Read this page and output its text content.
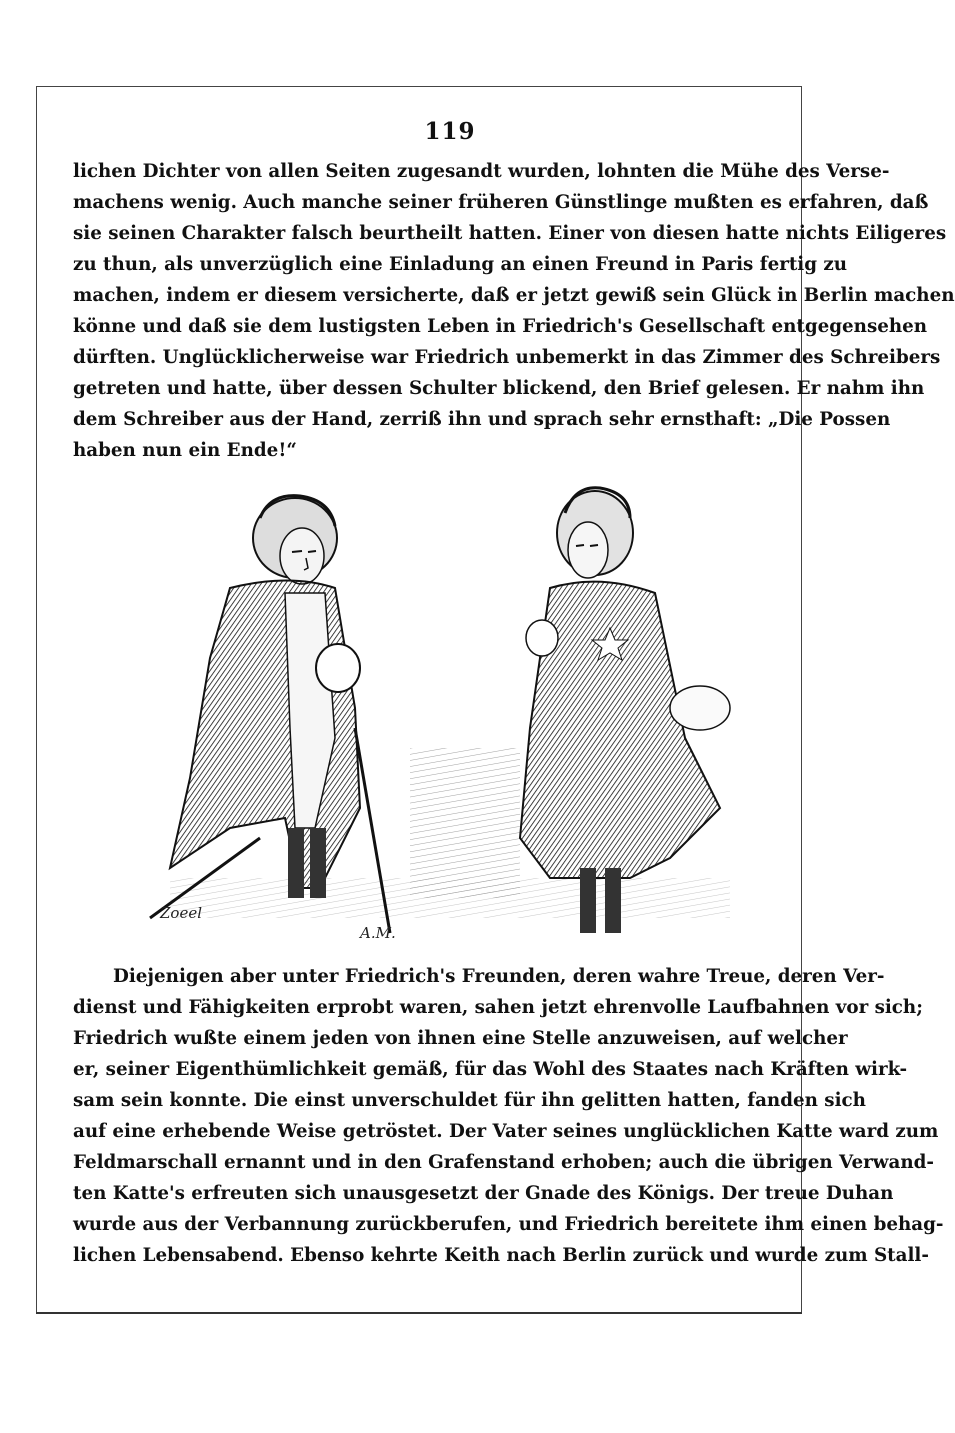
119
lichen Dichter von allen Seiten zugesandt wurden, lohnten die Mühe des Verse-
machens wenig. Auch manche seiner früheren Günstlinge mußten es erfahren, daß
sie seinen Charakter falsch beurtheilt hatten. Einer von diesen hatte nichts Eiligeres
zu thun, als unverzüglich eine Einladung an einen Freund in Paris fertig zu
machen, indem er diesem versicherte, daß er jetzt gewiß sein Glück in Berlin machen
könne und daß sie dem lustigsten Leben in Friedrich's Gesellschaft entgegensehen
dürften. Unglücklicherweise war Friedrich unbemerkt in das Zimmer des Schreibers
getreten und hatte, über dessen Schulter blickend, den Brief gelesen. Er nahm ihn
dem Schreiber aus der Hand, zerriß ihn und sprach sehr ernsthaft: „Die Possen
haben nun ein Ende!“
Zoeel
A.M.
Diejenigen aber unter Friedrich's Freunden, deren wahre Treue, deren Ver-
dienst und Fähigkeiten erprobt waren, sahen jetzt ehrenvolle Laufbahnen vor sich;
Friedrich wußte einem jeden von ihnen eine Stelle anzuweisen, auf welcher
er, seiner Eigenthümlichkeit gemäß, für das Wohl des Staates nach Kräften wirk-
sam sein konnte. Die einst unverschuldet für ihn gelitten hatten, fanden sich
auf eine erhebende Weise getröstet. Der Vater seines unglücklichen Katte ward zum
Feldmarschall ernannt und in den Grafenstand erhoben; auch die übrigen Verwand-
ten Katte's erfreuten sich unausgesetzt der Gnade des Königs. Der treue Duhan
wurde aus der Verbannung zurückberufen, und Friedrich bereitete ihm einen behag-
lichen Lebensabend. Ebenso kehrte Keith nach Berlin zurück und wurde zum Stall-
